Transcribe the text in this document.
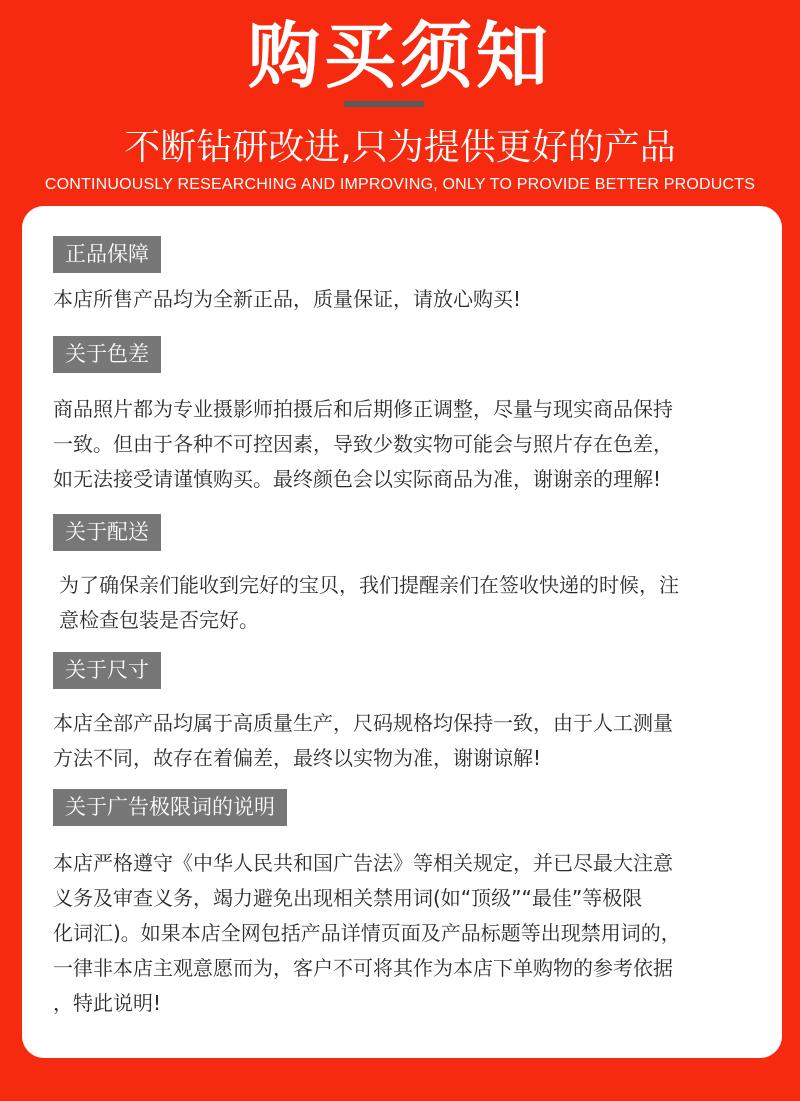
购买须知
不断钻研改进,只为提供更好的产品
CONTINUOUSLY RESEARCHING AND IMPROVING, ONLY TO PROVIDE BETTER PRODUCTS
正品保障
本店所售产品均为全新正品，质量保证，请放心购买!
关于色差
商品照片都为专业摄影师拍摄后和后期修正调整，尽量与现实商品保持
一致。但由于各种不可控因素，导致少数实物可能会与照片存在色差，
如无法接受请谨慎购买。最终颜色会以实际商品为准，谢谢亲的理解!
关于配送
为了确保亲们能收到完好的宝贝，我们提醒亲们在签收快递的时候，注
意检查包装是否完好。
关于尺寸
本店全部产品均属于高质量生产，尺码规格均保持一致，由于人工测量
方法不同，故存在着偏差，最终以实物为准，谢谢谅解!
关于广告极限词的说明
本店严格遵守《中华人民共和国广告法》等相关规定，并已尽最大注意
义务及审查义务，竭力避免出现相关禁用词(如“顶级”“最佳”等极限
化词汇)。如果本店全网包括产品详情页面及产品标题等出现禁用词的，
一律非本店主观意愿而为，客户不可将其作为本店下单购物的参考依据
，特此说明!
